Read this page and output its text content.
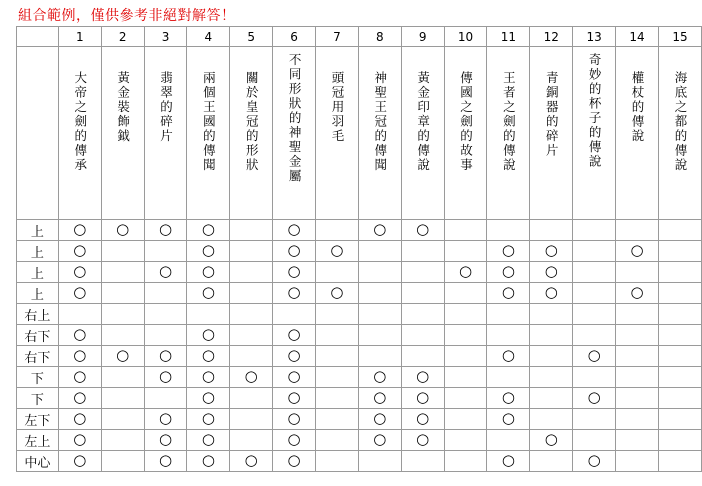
組合範例，僅供參考非絕對解答！
	1	2	3	4	5	6	7	8	9	10	11	12	13	14	15
	大帝之劍的傳承	黃金裝飾鉞	翡翠的碎片	兩個王國的傳聞	關於皇冠的形狀	不同形狀的神聖金屬	頭冠用羽毛	神聖王冠的傳聞	黃金印章的傳說	傳國之劍的故事	王者之劍的傳說	青銅器的碎片	奇妙的杯子的傳說	權杖的傳說	海底之都的傳說
上	○	○	○	○		○		○	○						
上	○			○		○	○				○	○		○	
上	○		○	○		○				○	○	○			
上	○			○		○	○				○	○		○	
右上															
右下	○			○		○									
右下	○	○	○	○		○					○		○		
下	○		○	○	○	○		○	○						
下	○			○		○		○	○		○		○		
左下	○		○	○		○		○	○		○				
左上	○		○	○		○		○	○			○			
中心	○		○	○	○	○					○		○		
